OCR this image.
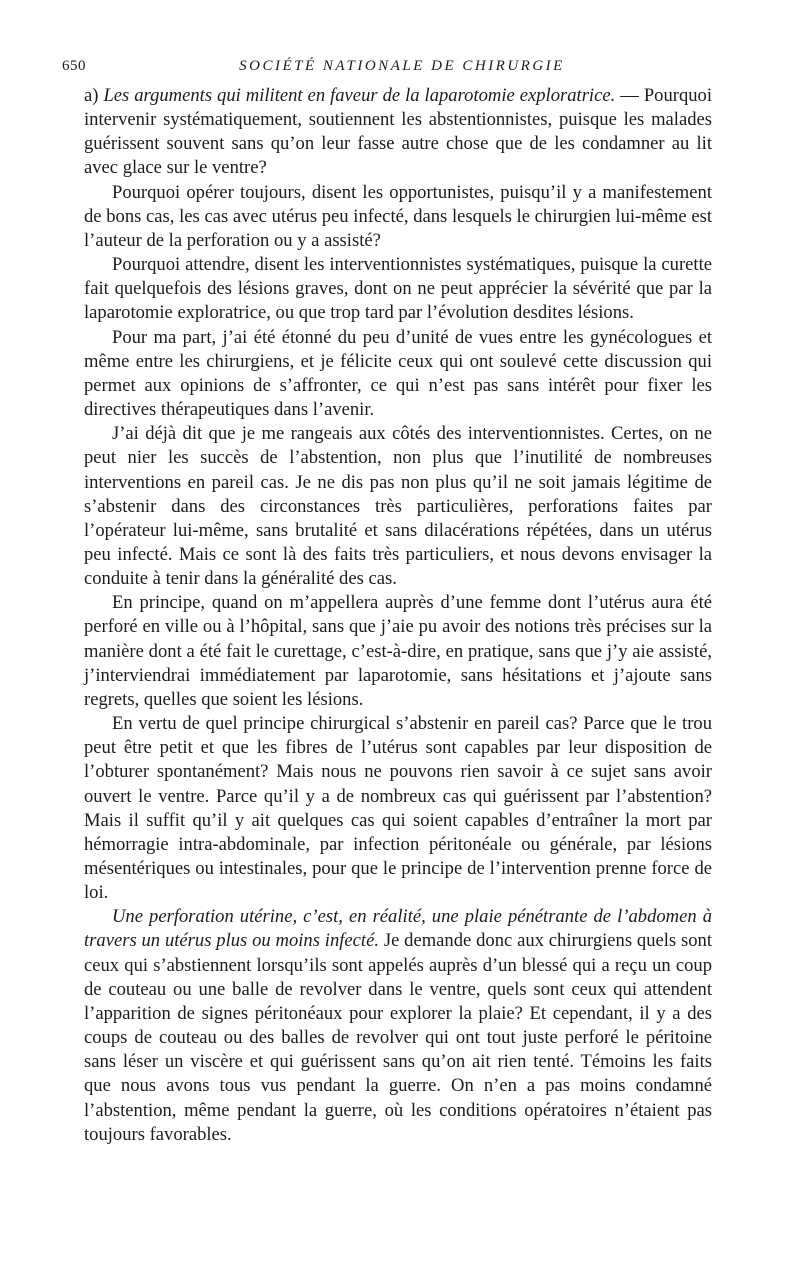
650	SOCIÉTÉ NATIONALE DE CHIRURGIE

a) Les arguments qui militent en faveur de la laparotomie exploratrice. — Pourquoi intervenir systématiquement, soutiennent les abstentionnistes, puisque les malades guérissent souvent sans qu’on leur fasse autre chose que de les condamner au lit avec glace sur le ventre?

Pourquoi opérer toujours, disent les opportunistes, puisqu’il y a manifestement de bons cas, les cas avec utérus peu infecté, dans lesquels le chirurgien lui-même est l’auteur de la perforation ou y a assisté?

Pourquoi attendre, disent les interventionnistes systématiques, puisque la curette fait quelquefois des lésions graves, dont on ne peut apprécier la sévérité que par la laparotomie exploratrice, ou que trop tard par l’évolution desdites lésions.

Pour ma part, j’ai été étonné du peu d’unité de vues entre les gynécologues et même entre les chirurgiens, et je félicite ceux qui ont soulevé cette discussion qui permet aux opinions de s’affronter, ce qui n’est pas sans intérêt pour fixer les directives thérapeutiques dans l’avenir.

J’ai déjà dit que je me rangeais aux côtés des interventionnistes. Certes, on ne peut nier les succès de l’abstention, non plus que l’inutilité de nombreuses interventions en pareil cas. Je ne dis pas non plus qu’il ne soit jamais légitime de s’abstenir dans des circonstances très particulières, perforations faites par l’opérateur lui-même, sans brutalité et sans dilacérations répétées, dans un utérus peu infecté. Mais ce sont là des faits très particuliers, et nous devons envisager la conduite à tenir dans la généralité des cas.

En principe, quand on m’appellera auprès d’une femme dont l’utérus aura été perforé en ville ou à l’hôpital, sans que j’aie pu avoir des notions très précises sur la manière dont a été fait le curettage, c’est-à-dire, en pratique, sans que j’y aie assisté, j’interviendrai immédiatement par laparotomie, sans hésitations et j’ajoute sans regrets, quelles que soient les lésions.

En vertu de quel principe chirurgical s’abstenir en pareil cas? Parce que le trou peut être petit et que les fibres de l’utérus sont capables par leur disposition de l’obturer spontanément? Mais nous ne pouvons rien savoir à ce sujet sans avoir ouvert le ventre. Parce qu’il y a de nombreux cas qui guérissent par l’abstention? Mais il suffit qu’il y ait quelques cas qui soient capables d’entraîner la mort par hémorragie intra-abdominale, par infection péritonéale ou générale, par lésions mésentériques ou intestinales, pour que le principe de l’intervention prenne force de loi.

Une perforation utérine, c’est, en réalité, une plaie pénétrante de l’abdomen à travers un utérus plus ou moins infecté. Je demande donc aux chirurgiens quels sont ceux qui s’abstiennent lorsqu’ils sont appelés auprès d’un blessé qui a reçu un coup de couteau ou une balle de revolver dans le ventre, quels sont ceux qui attendent l’apparition de signes péritonéaux pour explorer la plaie? Et cependant, il y a des coups de couteau ou des balles de revolver qui ont tout juste perforé le péritoine sans léser un viscère et qui guérissent sans qu’on ait rien tenté. Témoins les faits que nous avons tous vus pendant la guerre. On n’en a pas moins condamné l’abstention, même pendant la guerre, où les conditions opératoires n’étaient pas toujours favorables.
